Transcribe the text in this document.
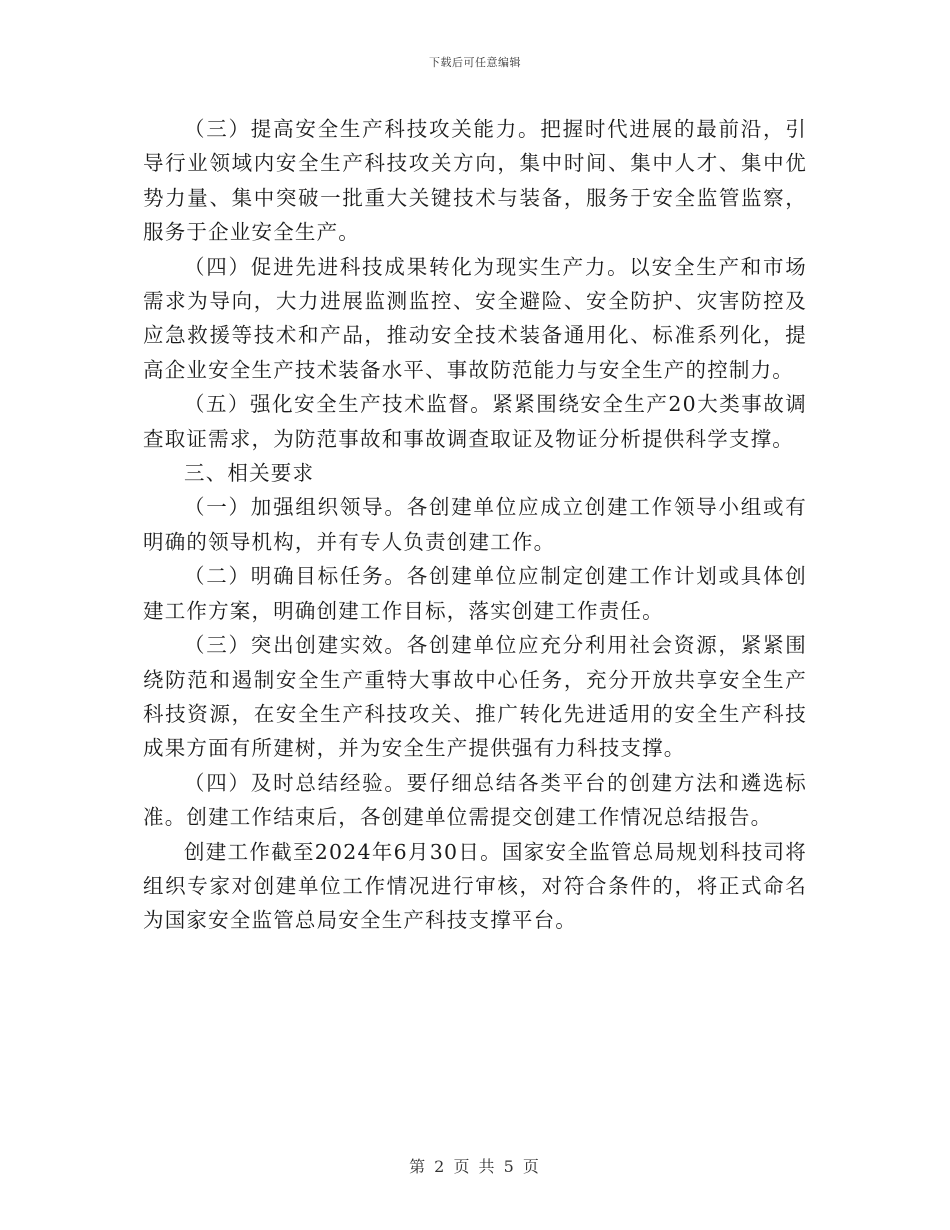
下载后可任意编辑

（三）提高安全生产科技攻关能力。把握时代进展的最前沿，引导行业领域内安全生产科技攻关方向，集中时间、集中人才、集中优势力量、集中突破一批重大关键技术与装备，服务于安全监管监察，服务于企业安全生产。

（四）促进先进科技成果转化为现实生产力。以安全生产和市场需求为导向，大力进展监测监控、安全避险、安全防护、灾害防控及应急救援等技术和产品，推动安全技术装备通用化、标准系列化，提高企业安全生产技术装备水平、事故防范能力与安全生产的控制力。

（五）强化安全生产技术监督。紧紧围绕安全生产20大类事故调查取证需求，为防范事故和事故调查取证及物证分析提供科学支撑。

三、相关要求

（一）加强组织领导。各创建单位应成立创建工作领导小组或有明确的领导机构，并有专人负责创建工作。

（二）明确目标任务。各创建单位应制定创建工作计划或具体创建工作方案，明确创建工作目标，落实创建工作责任。

（三）突出创建实效。各创建单位应充分利用社会资源，紧紧围绕防范和遏制安全生产重特大事故中心任务，充分开放共享安全生产科技资源，在安全生产科技攻关、推广转化先进适用的安全生产科技成果方面有所建树，并为安全生产提供强有力科技支撑。

（四）及时总结经验。要仔细总结各类平台的创建方法和遴选标准。创建工作结束后，各创建单位需提交创建工作情况总结报告。

创建工作截至2024年6月30日。国家安全监管总局规划科技司将组织专家对创建单位工作情况进行审核，对符合条件的，将正式命名为国家安全监管总局安全生产科技支撑平台。

第 2 页 共 5 页
